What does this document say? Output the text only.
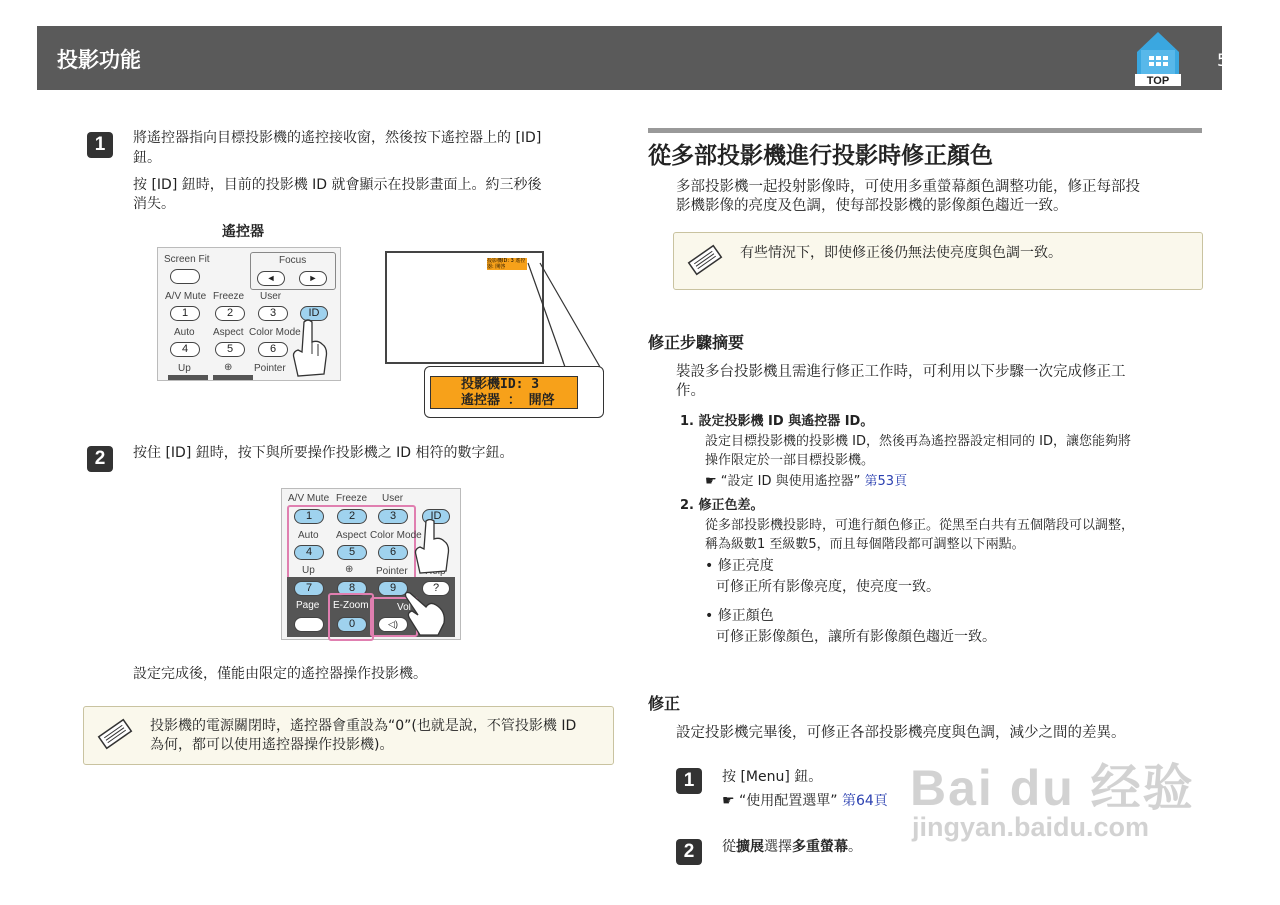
投影功能
TOP
55
1	將遙控器指向目標投影機的遙控接收窗，然後按下遙控器上的 [ID]
鈕。
按 [ID] 鈕時，目前的投影機 ID 就會顯示在投影畫面上。約三秒後
消失。
遙控器
Screen Fit	Focus
◄	►
A/V Mute Freeze User
1	2	3	ID
Auto Aspect Color Mode
4	5	6
Up	⊕ Pointer
投影機ID: 3 遙控器: 開啓
投影機ID: 3
遙控器 ： 開啓
2	按住 [ID] 鈕時，按下與所要操作投影機之 ID 相符的數字鈕。
A/V Mute Freeze User
1	2	3	ID
Auto Aspect Color Mode
4	5	6
Up	⊕ Pointer
7	8	9	?
Page E-Zoom	Vol
0	◁)
設定完成後，僅能由限定的遙控器操作投影機。
投影機的電源關閉時，遙控器會重設為“0”(也就是說，不管投影機 ID
為何，都可以使用遙控器操作投影機)。
從多部投影機進行投影時修正顏色
多部投影機一起投射影像時，可使用多重螢幕顏色調整功能，修正每部投
影機影像的亮度及色調，使每部投影機的影像顏色趨近一致。
有些情況下，即使修正後仍無法使亮度與色調一致。
修正步驟摘要
裝設多台投影機且需進行修正工作時，可利用以下步驟一次完成修正工
作。
1. 設定投影機 ID 與遙控器 ID。
設定目標投影機的投影機 ID，然後再為遙控器設定相同的 ID，讓您能夠將
操作限定於一部目標投影機。
☛ “設定 ID 與使用遙控器” 第53頁
2. 修正色差。
從多部投影機投影時，可進行顏色修正。從黑至白共有五個階段可以調整，
稱為級數1 至級數5，而且每個階段都可調整以下兩點。
• 修正亮度
可修正所有影像亮度，使亮度一致。
• 修正顏色
可修正影像顏色，讓所有影像顏色趨近一致。
修正
設定投影機完畢後，可修正各部投影機亮度與色調，減少之間的差異。
1	按 [Menu] 鈕。
☛ “使用配置選單” 第64頁
2	從擴展選擇多重螢幕。
Bai du 经验
jingyan.baidu.com
